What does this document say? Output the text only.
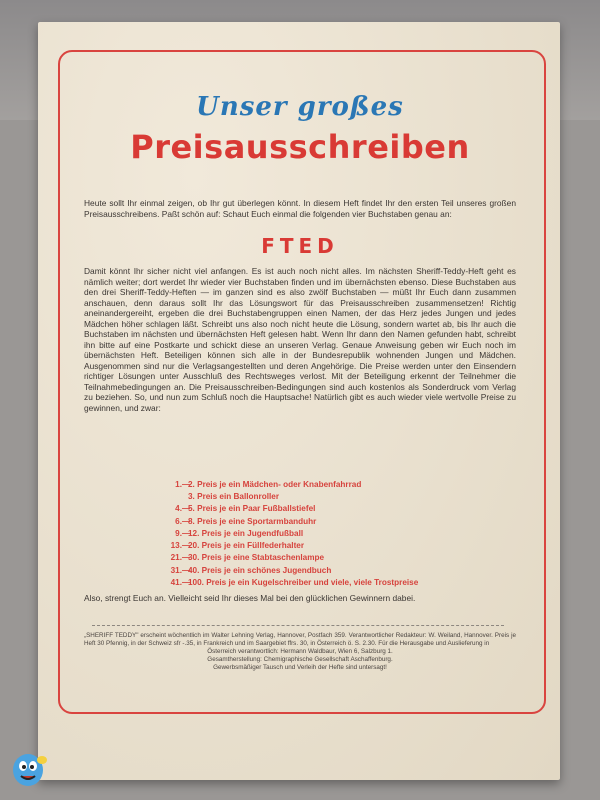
Unser großes
Preisausschreiben

Heute sollt Ihr einmal zeigen, ob Ihr gut überlegen könnt. In diesem Heft findet Ihr den ersten Teil unseres großen Preisausschreibens. Paßt schön auf: Schaut Euch einmal die folgenden vier Buchstaben genau an:

FTED

Damit könnt Ihr sicher nicht viel anfangen. Es ist auch noch nicht alles. Im nächsten Sheriff-Teddy-Heft geht es nämlich weiter; dort werdet Ihr wieder vier Buchstaben finden und im übernächsten ebenso. Diese Buchstaben aus den drei Sheriff-Teddy-Heften — im ganzen sind es also zwölf Buchstaben — müßt Ihr Euch dann zusammen anschauen, denn daraus sollt Ihr das Lösungswort für das Preisausschreiben zusammensetzen! Richtig aneinandergereiht, ergeben die drei Buchstabengruppen einen Namen, der das Herz jedes Jungen und jedes Mädchen höher schlagen läßt. Schreibt uns also noch nicht heute die Lösung, sondern wartet ab, bis Ihr auch die Buchstaben im nächsten und übernächsten Heft gelesen habt. Wenn Ihr dann den Namen gefunden habt, schreibt ihn bitte auf eine Postkarte und schickt diese an unseren Verlag. Genaue Anweisung geben wir Euch noch im übernächsten Heft. Beteiligen können sich alle in der Bundesrepublik wohnenden Jungen und Mädchen. Ausgenommen sind nur die Verlagsangestellten und deren Angehörige. Die Preise werden unter den Einsendern richtiger Lösungen unter Ausschluß des Rechtsweges verlost. Mit der Beteiligung erkennt der Teilnehmer die Teilnahmebedingungen an. Die Preisausschreiben-Bedingungen sind auch kostenlos als Sonderdruck vom Verlag zu beziehen. So, und nun zum Schluß noch die Hauptsache! Natürlich gibt es auch wieder viele wertvolle Preise zu gewinnen, und zwar:

1. —
2. Preis je ein Mädchen- oder Knabenfahrrad
3. Preis ein Ballonroller
4. —
5. Preis je ein Paar Fußballstiefel
6. —
8. Preis je eine Sportarmbanduhr
9. —
12. Preis je ein Jugendfußball
13. —
20. Preis je ein Füllfederhalter
21. —
30. Preis je eine Stabtaschenlampe
31. —
40. Preis je ein schönes Jugendbuch
41. —
100. Preis je ein Kugelschreiber und viele, viele Trostpreise

Also, strengt Euch an. Vielleicht seid Ihr dieses Mal bei den glücklichen Gewinnern dabei.

„SHERIFF TEDDY" erscheint wöchentlich im Walter Lehning Verlag, Hannover, Postfach 359. Verantwortlicher Redakteur: W. Weiland, Hannover. Preis je Heft 30 Pfennig, in der Schweiz sfr -.35, in Frankreich und im Saargebiet ffrs. 30, in Österreich ö. S. 2.30. Für die Herausgabe und Auslieferung in
Österreich verantwortlich: Hermann Waldbaur, Wien 6, Salzburg 1.
Gesamtherstellung: Chemigraphische Gesellschaft Aschaffenburg.
Gewerbsmäßiger Tausch und Verleih der Hefte sind untersagt!
